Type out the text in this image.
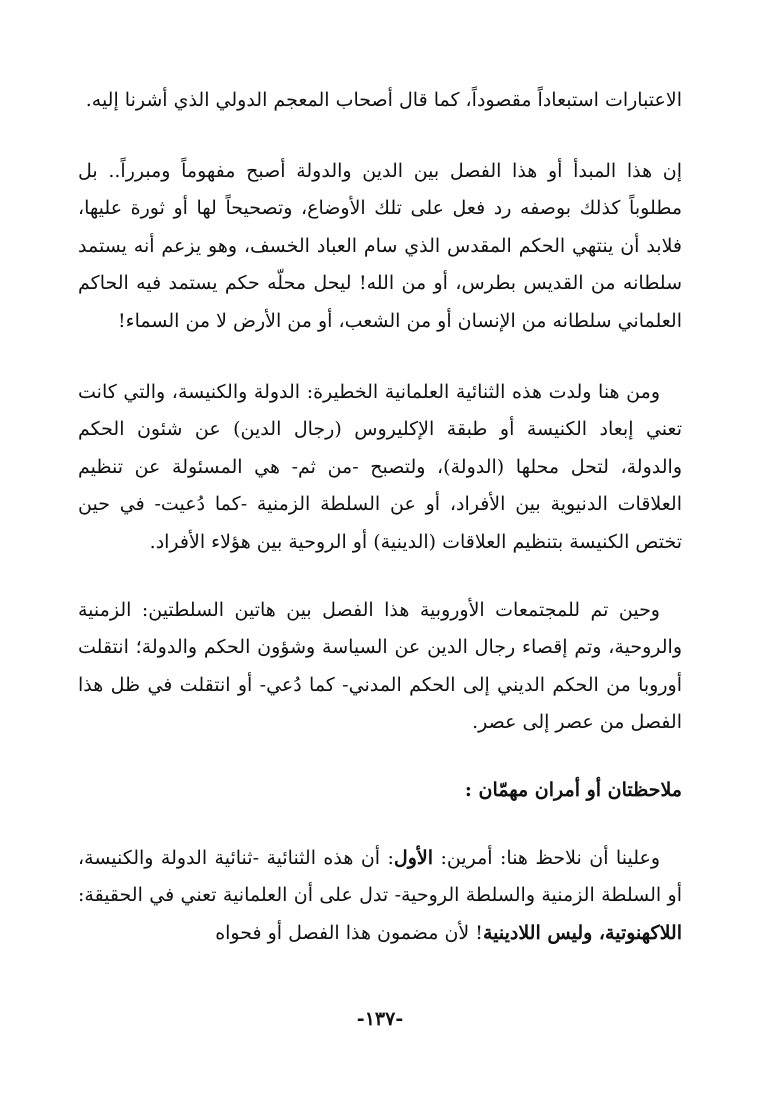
الاعتبارات استبعاداً مقصوداً، كما قال أصحاب المعجم الدولي الذي أشرنا إليه.

إن هذا المبدأ أو هذا الفصل بين الدين والدولة أصبح مفهوماً ومبرراً.. بل مطلوباً كذلك بوصفه رد فعل على تلك الأوضاع، وتصحيحاً لها أو ثورة عليها، فلابد أن ينتهي الحكم المقدس الذي سام العباد الخسف، وهو يزعم أنه يستمد سلطانه من القديس بطرس، أو من الله! ليحل محلّه حكم يستمد فيه الحاكم العلماني سلطانه من الإنسان أو من الشعب، أو من الأرض لا من السماء!

ومن هنا ولدت هذه الثنائية العلمانية الخطيرة: الدولة والكنيسة، والتي كانت تعني إبعاد الكنيسة أو طبقة الإكليروس (رجال الدين) عن شئون الحكم والدولة، لتحل محلها (الدولة)، ولتصبح -من ثم- هي المسئولة عن تنظيم العلاقات الدنيوية بين الأفراد، أو عن السلطة الزمنية -كما دُعيت- في حين تختص الكنيسة بتنظيم العلاقات (الدينية) أو الروحية بين هؤلاء الأفراد.

وحين تم للمجتمعات الأوروبية هذا الفصل بين هاتين السلطتين: الزمنية والروحية، وتم إقصاء رجال الدين عن السياسة وشؤون الحكم والدولة؛ انتقلت أوروبا من الحكم الديني إلى الحكم المدني- كما دُعي- أو انتقلت في ظل هذا الفصل من عصر إلى عصر.

ملاحظتان أو أمران مهمّان :

وعلينا أن نلاحظ هنا: أمرين: الأول: أن هذه الثنائية -ثنائية الدولة والكنيسة، أو السلطة الزمنية والسلطة الروحية- تدل على أن العلمانية تعني في الحقيقة: اللاكهنوتية، وليس اللادينية! لأن مضمون هذا الفصل أو فحواه

-١٣٧-
